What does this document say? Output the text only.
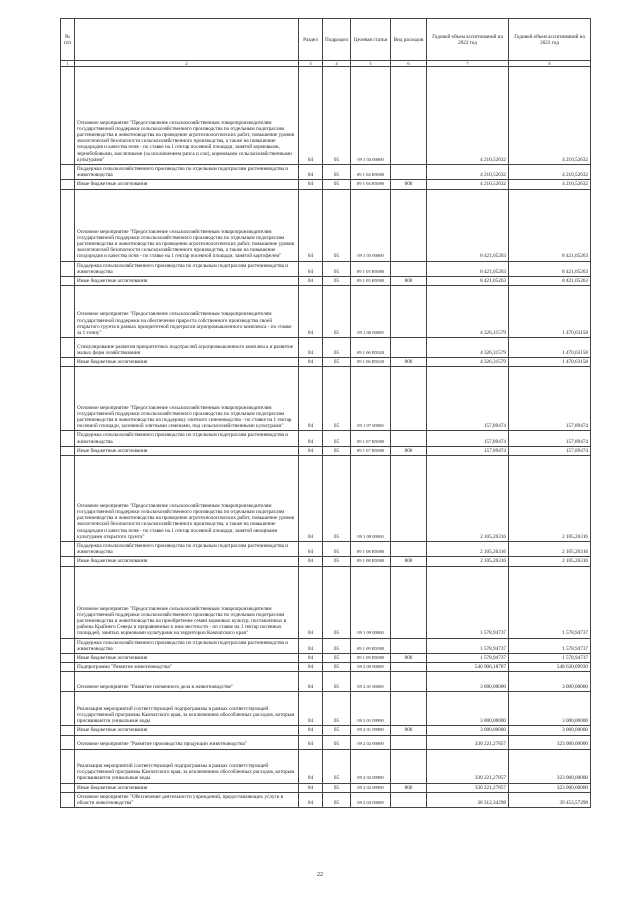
№ п/п		Раздел	Подраздел	Целевая статья	Вид расходов	Годовой объем ассигнований на 2022 год	Годовой объем ассигнований на 2023 год
1	2	3	4	5	6	7	8
	Основное мероприятие "Предоставление сельскохозяйственным товаропроизводителям государственной поддержки сельскохозяйственного производства по отдельным подотраслям растениеводства и животноводства на проведение агротехнологических работ, повышение уровня экологической безопасности сельскохозяйственного производства, а также на повышение плодородия и качества почв - по ставке на 1 гектар посевной площади, занятой кормовыми, зернобобовыми, масличными (за исключением рапса и сои), кормовыми сельскохозяйственными культурами"	04	05	09 1 04 00000		4 210,52632	4 210,52632
	Поддержка сельскохозяйственного производства по отдельным подотраслям растениеводства и животноводства	04	05	09 1 04 R5080		4 210,52632	4 210,52632
	Иные бюджетные ассигнования	04	05	09 1 04 R5080	800	4 210,52632	4 210,52632
	Основное мероприятие "Предоставление сельскохозяйственным товаропроизводителям государственной поддержки сельскохозяйственного производства по отдельным подотраслям растениеводства и животноводства на проведение агротехнологических работ, повышение уровня экологической безопасности сельскохозяйственного производства, а также на повышение плодородия и качества почв - по ставке на 1 гектар посевной площади, занятой картофелем"	04	05	09 1 05 00000		8 421,05263	8 421,05263
	Поддержка сельскохозяйственного производства по отдельным подотраслям растениеводства и животноводства	04	05	09 1 05 R5080		8 421,05263	8 421,05263
	Иные бюджетные ассигнования	04	05	09 1 05 R5080	800	8 421,05263	8 421,05263
	Основное мероприятие "Предоставление сельскохозяйственным товаропроизводителям государственной поддержки на обеспечение прироста собственного производства своей открытого грунта в рамках приоритетной подотрасли агропромышленного комплекса - по ставке за 1 тонну"	04	05	09 1 06 00000		4 326,31579	1 470,63158
	Стимулирование развития приоритетных подотраслей агропромышленного комплекса и развитие малых форм хозяйствования	04	05	09 1 06 R5020		4 326,31579	1 470,63158
	Иные бюджетные ассигнования	04	05	09 1 06 R5020	800	4 326,31579	1 470,63158
	Основное мероприятие "Предоставление сельскохозяйственным товаропроизводителям государственной поддержки сельскохозяйственного производства по отдельным подотраслям растениеводства и животноводства на поддержку элитного семеноводства - по ставке на 1 гектар посевной площади, засеянной элитными семенами, под сельскохозяйственными культурами"	04	05	09 1 07 00000		157,89474	157,89474
	Поддержка сельскохозяйственного производства по отдельным подотраслям растениеводства и животноводства	04	05	09 1 07 R5080		157,89474	157,89474
	Иные бюджетные ассигнования	04	05	09 1 07 R5080	800	157,89474	157,89474
	Основное мероприятие "Предоставление сельскохозяйственным товаропроизводителям государственной поддержки сельскохозяйственного производства по отдельным подотраслям растениеводства и животноводства на проведение агротехнологических работ, повышение уровня экологической безопасности сельскохозяйственного производства, а также на повышение плодородия и качества почв - по ставке на 1 гектар посевной площади, занятой овощными культурами открытого грунта"	04	05	09 1 08 00000		2 105,26316	2 105,26316
	Поддержка сельскохозяйственного производства по отдельным подотраслям растениеводства и животноводства	04	05	09 1 08 R5080		2 105,26316	2 105,26316
	Иные бюджетные ассигнования	04	05	09 1 08 R5080	800	2 105,26316	2 105,26316
	Основное мероприятие "Предоставление сельскохозяйственным товаропроизводителям государственной поддержки сельскохозяйственного производства по отдельным подотраслям растениеводства и животноводства на приобретение семян кормовых культур, поставленных в районы Крайнего Севера и приравненные к ним местности - по ставке на 1 гектар посевных площадей, занятых кормовыми культурами на территории Камчатского края"	04	05	09 1 09 00000		1 578,94737	1 578,94737
	Поддержка сельскохозяйственного производства по отдельным подотраслям растениеводства и животноводства	04	05	09 1 09 R5080		1 578,94737	1 578,94737
	Иные бюджетные ассигнования	04	05	09 1 09 R5080	800	1 578,94737	1 578,94737
	Подпрограмма "Развитие животноводства"	04	05	09 2 00 00000		546 906,18787	548 620,09930
	Основное мероприятие "Развитие племенного дела в животноводстве"	04	05	09 2 01 00000		3 000,00000	3 000,00000
	Реализация мероприятий соответствующей подпрограммы в рамках соответствующей государственной программы Камчатского края, за исключением обособленных расходов, которым присваиваются уникальные коды	04	05	09 2 01 09990		3 000,00000	3 000,00000
	Иные бюджетные ассигнования	04	05	09 2 01 09990	800	3 000,00000	3 000,00000
	Основное мероприятие "Развитие производства продукции животноводства"	04	05	09 2 02 00000		330 221,27857	323 000,00000
	Реализация мероприятий соответствующей подпрограммы в рамках соответствующей государственной программы Камчатского края, за исключением обособленных расходов, которым присваиваются уникальные коды	04	05	09 2 02 09990		330 221,27857	323 000,00000
	Иные бюджетные ассигнования	04	05	09 2 02 09990	800	330 221,27857	323 000,00000
	Основное мероприятие "Обеспечение деятельности учреждений, предоставляющих услуги в области животноводства"	04	05	09 2 04 00000		38 312,34298	39 453,57298
22
